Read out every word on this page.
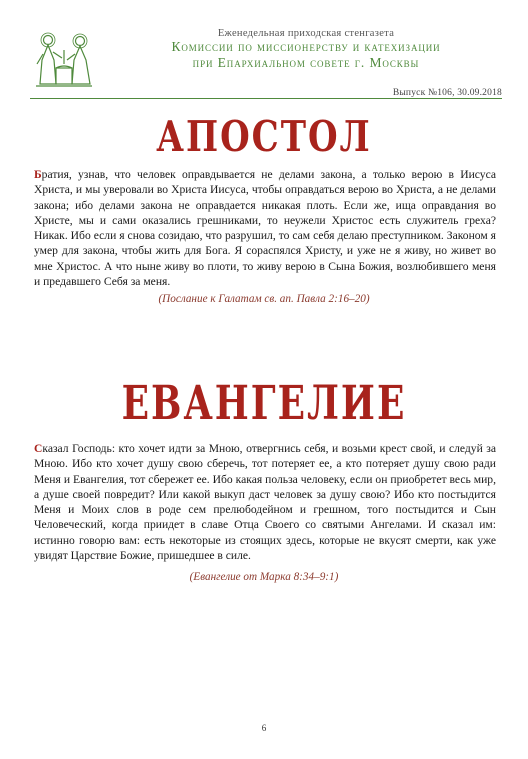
Еженедельная приходская стенгазета
Комиссии по миссионерству и катехизации
при Епархиальном совете г. Москвы
Выпуск №106, 30.09.2018
АПОСТОЛ
Братия, узнав, что человек оправдывается не делами закона, а только верою в Иисуса Христа, и мы уверовали во Христа Иисуса, чтобы оправдаться верою во Христа, а не делами закона; ибо делами закона не оправдается никакая плоть. Если же, ища оправдания во Христе, мы и сами оказались грешниками, то неужели Христос есть служитель греха? Никак. Ибо если я снова созидаю, что разрушил, то сам себя делаю преступником. Законом я умер для закона, чтобы жить для Бога. Я сораспялся Христу, и уже не я живу, но живет во мне Христос. А что ныне живу во плоти, то живу верою в Сына Божия, возлюбившего меня и предавшего Себя за меня.
(Послание к Галатам св. ап. Павла 2:16–20)
ЕВАНГЕЛИЕ
Сказал Господь: кто хочет идти за Мною, отвергнись себя, и возьми крест свой, и следуй за Мною. Ибо кто хочет душу свою сберечь, тот потеряет ее, а кто потеряет душу свою ради Меня и Евангелия, тот сбережет ее. Ибо какая польза человеку, если он приобретет весь мир, а душе своей повредит? Или какой выкуп даст человек за душу свою? Ибо кто постыдится Меня и Моих слов в роде сем прелюбодейном и грешном, того постыдится и Сын Человеческий, когда приидет в славе Отца Своего со святыми Ангелами. И сказал им: истинно говорю вам: есть некоторые из стоящих здесь, которые не вкусят смерти, как уже увидят Царствие Божие, пришедшее в силе.
(Евангелие от Марка 8:34–9:1)
6
